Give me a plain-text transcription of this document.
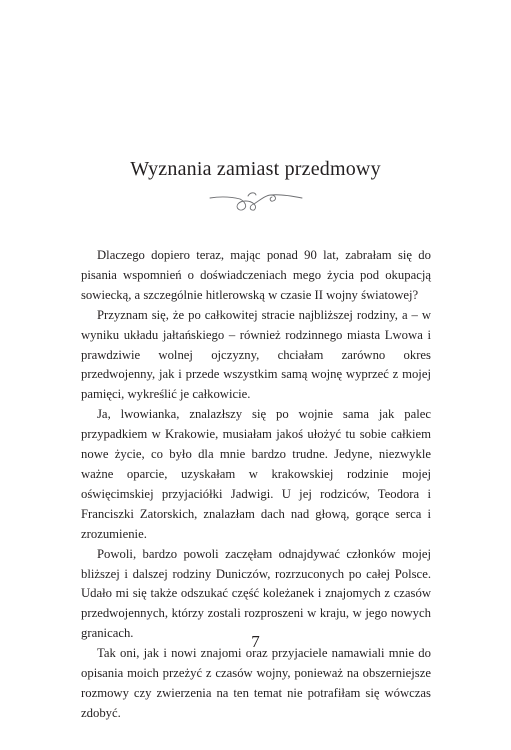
Wyznania zamiast przedmowy

Dlaczego dopiero teraz, mając ponad 90 lat, zabrałam się do pisania wspomnień o doświadczeniach mego życia pod okupacją sowiecką, a szczególnie hitlerowską w czasie II wojny światowej?

Przyznam się, że po całkowitej stracie najbliższej rodziny, a – w wyniku układu jałtańskiego – również rodzinnego miasta Lwowa i prawdziwie wolnej ojczyzny, chciałam zarówno okres przedwojenny, jak i przede wszystkim samą wojnę wyprzeć z mojej pamięci, wykreślić je całkowicie.

Ja, lwowianka, znalazłszy się po wojnie sama jak palec przypadkiem w Krakowie, musiałam jakoś ułożyć tu sobie całkiem nowe życie, co było dla mnie bardzo trudne. Jedyne, niezwykle ważne oparcie, uzyskałam w krakowskiej rodzinie mojej oświęcimskiej przyjaciółki Jadwigi. U jej rodziców, Teodora i Franciszki Zatorskich, znalazłam dach nad głową, gorące serca i zrozumienie.

Powoli, bardzo powoli zaczęłam odnajdywać członków mojej bliższej i dalszej rodziny Duniczów, rozrzuconych po całej Polsce. Udało mi się także odszukać część koleżanek i znajomych z czasów przedwojennych, którzy zostali rozproszeni w kraju, w jego nowych granicach.

Tak oni, jak i nowi znajomi oraz przyjaciele namawiali mnie do opisania moich przeżyć z czasów wojny, ponieważ na obszerniejsze rozmowy czy zwierzenia na ten temat nie potrafiłam się wówczas zdobyć.

7
